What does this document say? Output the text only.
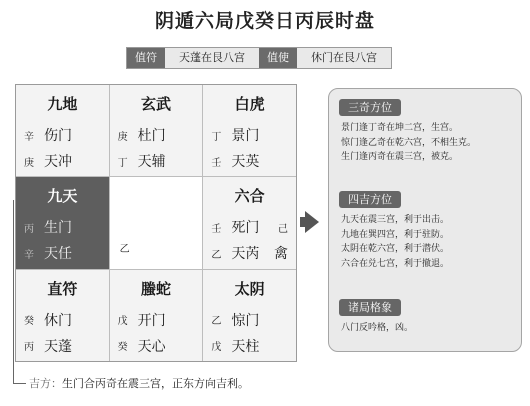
阴遁六局戊癸日丙辰时盘
值符	天蓬在艮八宫	值使	休门在艮八宫
九地
辛 伤门
庚 天冲
玄武
庚 杜门
丁 天辅
白虎
丁 景门
壬 天英
九天
丙 生门
辛 天任	乙
六合
壬 死门 己
乙 天芮 禽
直符
癸 休门
丙 天蓬
螣蛇
戊 开门
癸 天心
太阴
乙 惊门
戊 天柱
三奇方位
景门逢丁奇在坤二宫，生宫。
惊门逢乙奇在乾六宫，不相生克。
生门逢丙奇在震三宫，被克。
四吉方位
九天在震三宫，利于出击。
九地在巽四宫，利于驻防。
太阴在乾六宫，利于潜伏。
六合在兑七宫，利于撤退。
诸局格象
八门反吟格，凶。
吉方：生门合丙奇在震三宫，正东方向吉利。
